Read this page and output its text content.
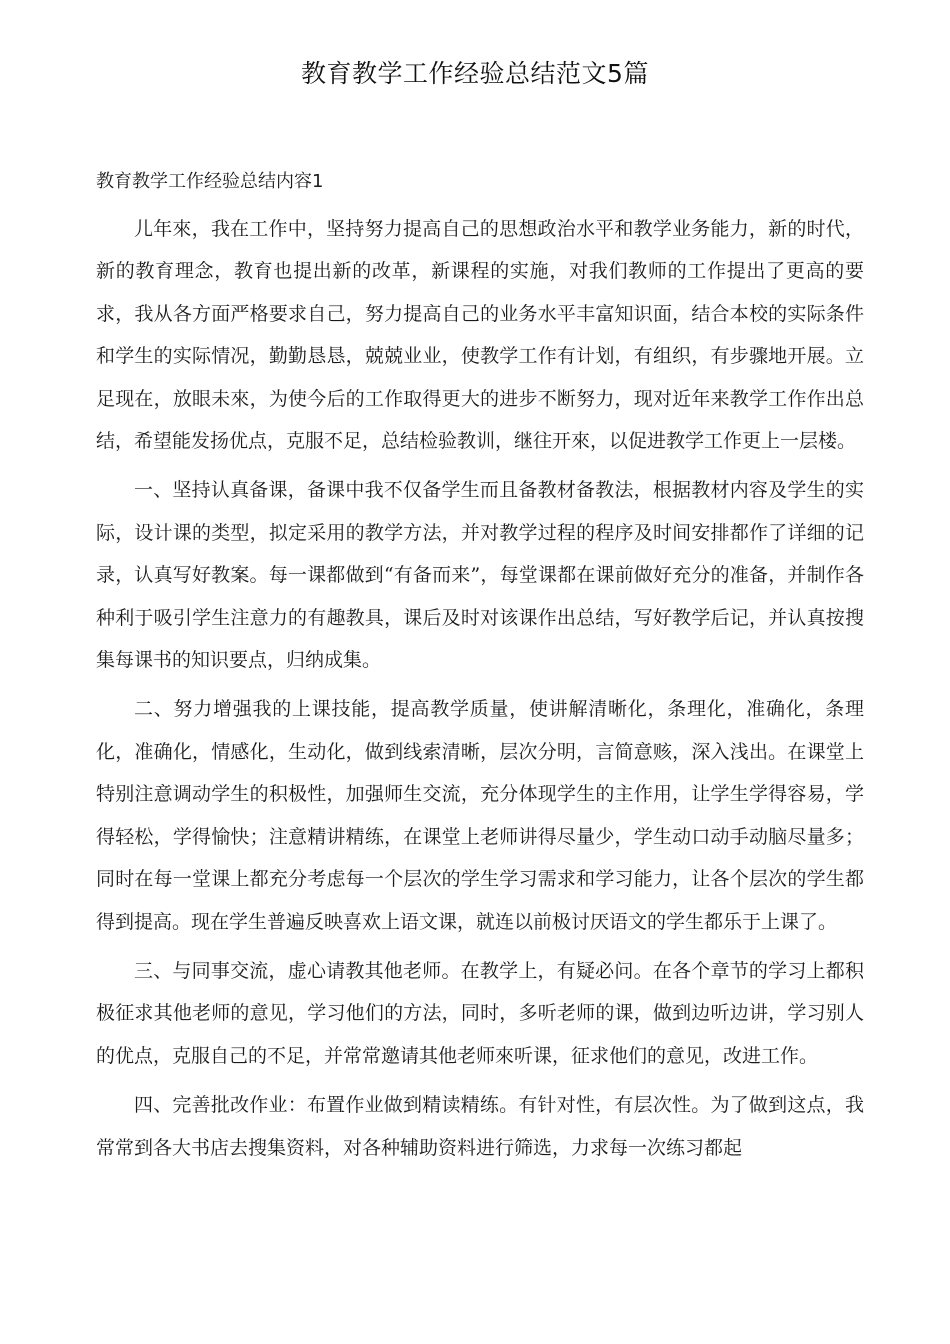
教育教学工作经验总结范文5篇
教育教学工作经验总结内容1

儿年來，我在工作中，坚持努力提高自己的思想政治水平和教学业务能力，新的时代，新的教育理念，教育也提出新的改革，新课程的实施，对我们教师的工作提出了更高的要求，我从各方面严格要求自己，努力提高自己的业务水平丰富知识面，结合本校的实际条件和学生的实际情况，勤勤恳恳，兢兢业业，使教学工作有计划，有组织，有步骤地开展。立足现在，放眼未來，为使今后的工作取得更大的进步不断努力，现对近年来教学工作作出总结，希望能发扬优点，克服不足，总结检验教训，继往开來，以促进教学工作更上一层楼。

一、坚持认真备课，备课中我不仅备学生而且备教材备教法，根据教材内容及学生的实际，设计课的类型，拟定采用的教学方法，并对教学过程的程序及时间安排都作了详细的记录，认真写好教案。每一课都做到“有备而来”，每堂课都在课前做好充分的准备，并制作各种利于吸引学生注意力的有趣教具，课后及时对该课作出总结，写好教学后记，并认真按搜集每课书的知识要点，归纳成集。

二、努力增强我的上课技能，提高教学质量，使讲解清晰化，条理化，准确化，条理化，准确化，情感化，生动化，做到线索清晰，层次分明，言简意赅，深入浅出。在课堂上特别注意调动学生的积极性，加强师生交流，充分体现学生的主作用，让学生学得容易，学得轻松，学得愉快；注意精讲精练，在课堂上老师讲得尽量少，学生动口动手动脑尽量多；同时在每一堂课上都充分考虑每一个层次的学生学习需求和学习能力，让各个层次的学生都得到提高。现在学生普遍反映喜欢上语文课，就连以前极讨厌语文的学生都乐于上课了。

三、与同事交流，虚心请教其他老师。在教学上，有疑必问。在各个章节的学习上都积极征求其他老师的意见，学习他们的方法，同时，多听老师的课，做到边听边讲，学习别人的优点，克服自己的不足，并常常邀请其他老师來听课，征求他们的意见，改进工作。

四、完善批改作业：布置作业做到精读精练。有针对性，有层次性。为了做到这点，我常常到各大书店去搜集资料，对各种辅助资料进行筛选，力求每一次练习都起
